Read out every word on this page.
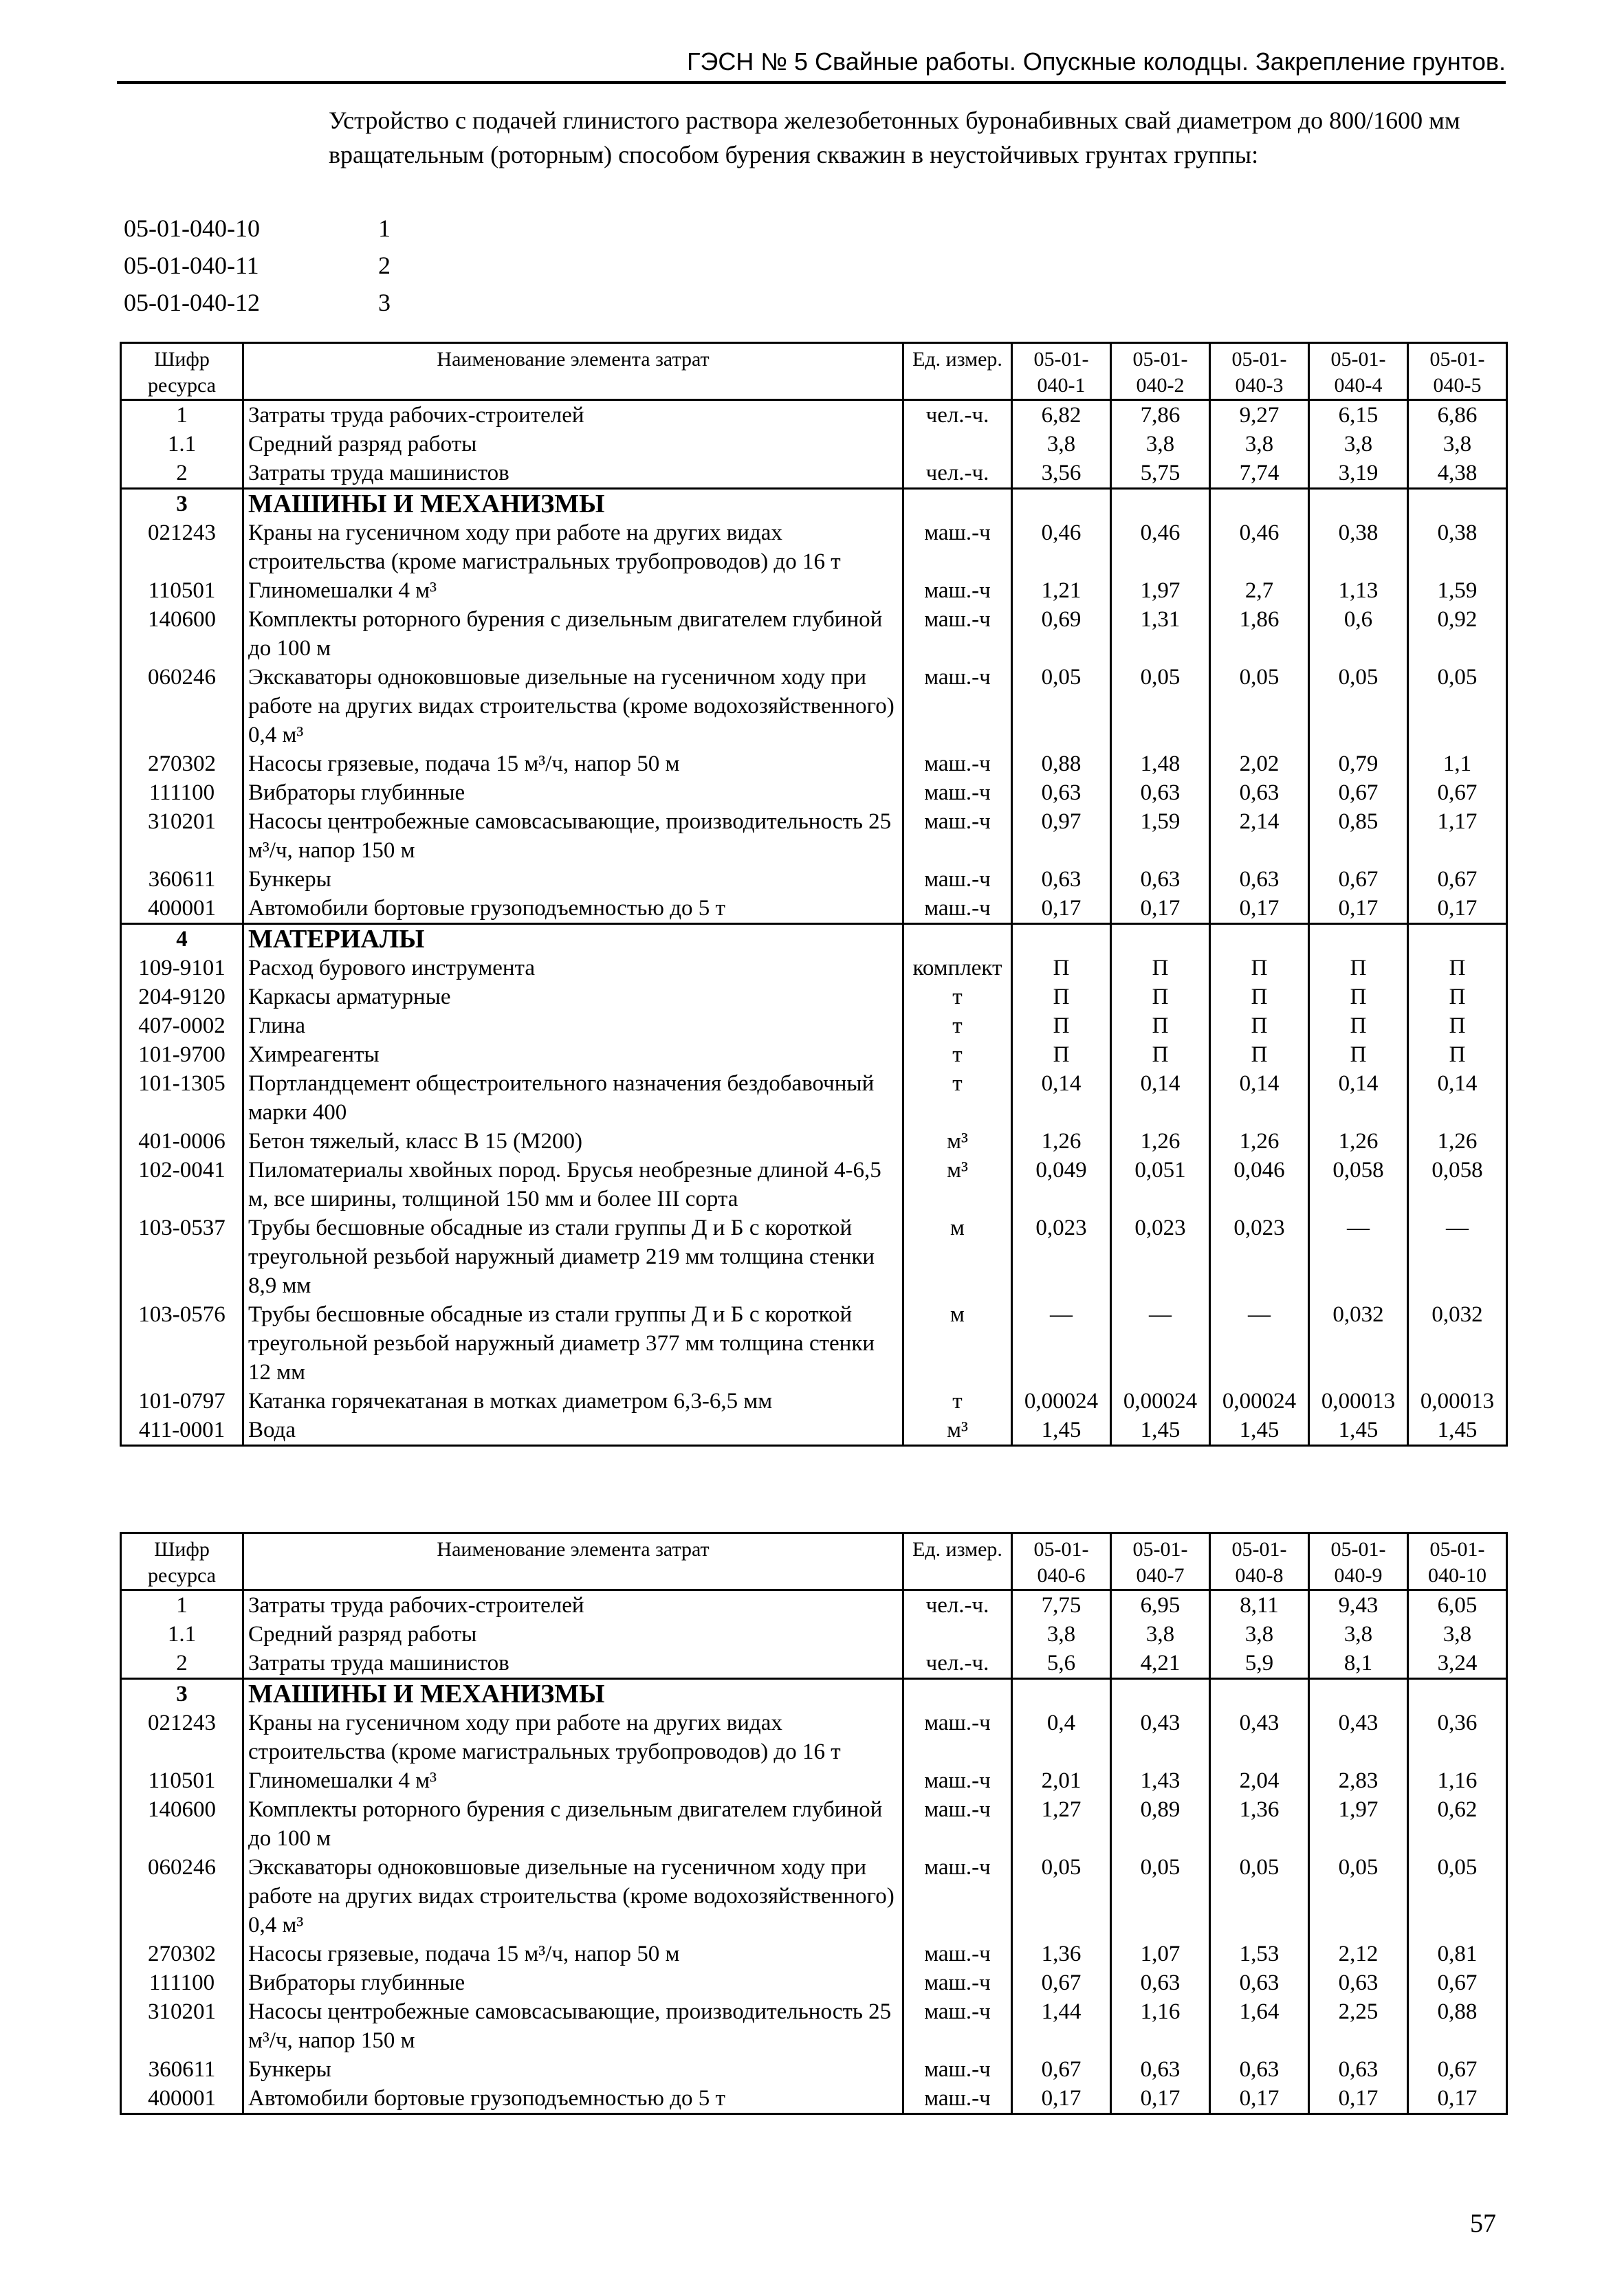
ГЭСН № 5 Свайные работы. Опускные колодцы. Закрепление грунтов.
Устройство с подачей глинистого раствора железобетонных буронабивных свай диаметром до 800/1600 мм вращательным (роторным) способом бурения скважин в неустойчивых грунтах группы:
05-01-040-10	1
05-01-040-11	2
05-01-040-12	3
Шифр ресурса	Наименование элемента затрат	Ед. измер.	05-01-040-1	05-01-040-2	05-01-040-3	05-01-040-4	05-01-040-5
1	Затраты труда рабочих-строителей	чел.-ч.	6,82	7,86	9,27	6,15	6,86
1.1	Средний разряд работы		3,8	3,8	3,8	3,8	3,8
2	Затраты труда машинистов	чел.-ч.	3,56	5,75	7,74	3,19	4,38
3	МАШИНЫ И МЕХАНИЗМЫ						
021243	Краны на гусеничном ходу при работе на других видах строительства (кроме магистральных трубопроводов) до 16 т	маш.-ч	0,46	0,46	0,46	0,38	0,38
110501	Глиномешалки 4 м³	маш.-ч	1,21	1,97	2,7	1,13	1,59
140600	Комплекты роторного бурения с дизельным двигателем глубиной до 100 м	маш.-ч	0,69	1,31	1,86	0,6	0,92
060246	Экскаваторы одноковшовые дизельные на гусеничном ходу при работе на других видах строительства (кроме водохозяйственного) 0,4 м³	маш.-ч	0,05	0,05	0,05	0,05	0,05
270302	Насосы грязевые, подача 15 м³/ч, напор 50 м	маш.-ч	0,88	1,48	2,02	0,79	1,1
111100	Вибраторы глубинные	маш.-ч	0,63	0,63	0,63	0,67	0,67
310201	Насосы центробежные самовсасывающие, производительность 25 м³/ч, напор 150 м	маш.-ч	0,97	1,59	2,14	0,85	1,17
360611	Бункеры	маш.-ч	0,63	0,63	0,63	0,67	0,67
400001	Автомобили бортовые грузоподъемностью до 5 т	маш.-ч	0,17	0,17	0,17	0,17	0,17
4	МАТЕРИАЛЫ						
109-9101	Расход бурового инструмента	комплект	П	П	П	П	П
204-9120	Каркасы арматурные	т	П	П	П	П	П
407-0002	Глина	т	П	П	П	П	П
101-9700	Химреагенты	т	П	П	П	П	П
101-1305	Портландцемент общестроительного назначения бездобавочный марки 400	т	0,14	0,14	0,14	0,14	0,14
401-0006	Бетон тяжелый, класс В 15 (М200)	м³	1,26	1,26	1,26	1,26	1,26
102-0041	Пиломатериалы хвойных пород. Брусья необрезные длиной 4-6,5 м, все ширины, толщиной 150 мм и более III сорта	м³	0,049	0,051	0,046	0,058	0,058
103-0537	Трубы бесшовные обсадные из стали группы Д и Б с короткой треугольной резьбой наружный диаметр 219 мм толщина стенки 8,9 мм	м	0,023	0,023	0,023	—	—
103-0576	Трубы бесшовные обсадные из стали группы Д и Б с короткой треугольной резьбой наружный диаметр 377 мм толщина стенки 12 мм	м	—	—	—	0,032	0,032
101-0797	Катанка горячекатаная в мотках диаметром 6,3-6,5 мм	т	0,00024	0,00024	0,00024	0,00013	0,00013
411-0001	Вода	м³	1,45	1,45	1,45	1,45	1,45
Шифр ресурса	Наименование элемента затрат	Ед. измер.	05-01-040-6	05-01-040-7	05-01-040-8	05-01-040-9	05-01-040-10
1	Затраты труда рабочих-строителей	чел.-ч.	7,75	6,95	8,11	9,43	6,05
1.1	Средний разряд работы		3,8	3,8	3,8	3,8	3,8
2	Затраты труда машинистов	чел.-ч.	5,6	4,21	5,9	8,1	3,24
3	МАШИНЫ И МЕХАНИЗМЫ						
021243	Краны на гусеничном ходу при работе на других видах строительства (кроме магистральных трубопроводов) до 16 т	маш.-ч	0,4	0,43	0,43	0,43	0,36
110501	Глиномешалки 4 м³	маш.-ч	2,01	1,43	2,04	2,83	1,16
140600	Комплекты роторного бурения с дизельным двигателем глубиной до 100 м	маш.-ч	1,27	0,89	1,36	1,97	0,62
060246	Экскаваторы одноковшовые дизельные на гусеничном ходу при работе на других видах строительства (кроме водохозяйственного) 0,4 м³	маш.-ч	0,05	0,05	0,05	0,05	0,05
270302	Насосы грязевые, подача 15 м³/ч, напор 50 м	маш.-ч	1,36	1,07	1,53	2,12	0,81
111100	Вибраторы глубинные	маш.-ч	0,67	0,63	0,63	0,63	0,67
310201	Насосы центробежные самовсасывающие, производительность 25 м³/ч, напор 150 м	маш.-ч	1,44	1,16	1,64	2,25	0,88
360611	Бункеры	маш.-ч	0,67	0,63	0,63	0,63	0,67
400001	Автомобили бортовые грузоподъемностью до 5 т	маш.-ч	0,17	0,17	0,17	0,17	0,17
57
